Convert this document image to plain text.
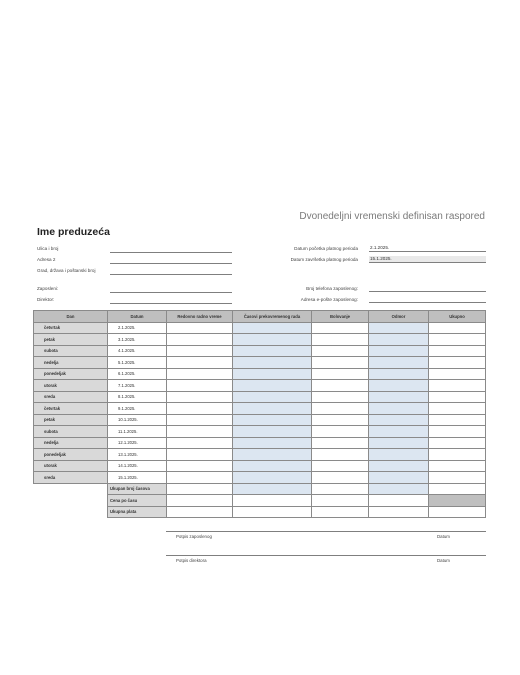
Dvonedeljni vremenski definisan raspored
Ime preduzeća
Ulica i broj
Adresa 2
Grad, država i poštanski broj
Zaposleni:
Direktor:
Datum početka platnog perioda	2.1.2025.
Datum završetka platnog perioda	15.1.2025.
Broj telefona zaposlenog:
Adresa e-pošte zaposlenog:
Dan	Datum	Redovno radno vreme	Časovi prekovremenog rada	Bolovanje	Odmor	Ukupno
četvrtak	2.1.2025.					
petak	3.1.2025.					
subota	4.1.2025.					
nedelja	5.1.2025.					
ponedeljak	6.1.2025.					
utorak	7.1.2025.					
sreda	8.1.2025.					
četvrtak	9.1.2025.					
petak	10.1.2025.					
subota	11.1.2025.					
nedelja	12.1.2025.					
ponedeljak	13.1.2025.					
utorak	14.1.2025.					
sreda	15.1.2025.					
	Ukupan broj časova					
	Cena po času					
	Ukupna plata					
Potpis zaposlenog	Datum
Potpis direktora	Datum
